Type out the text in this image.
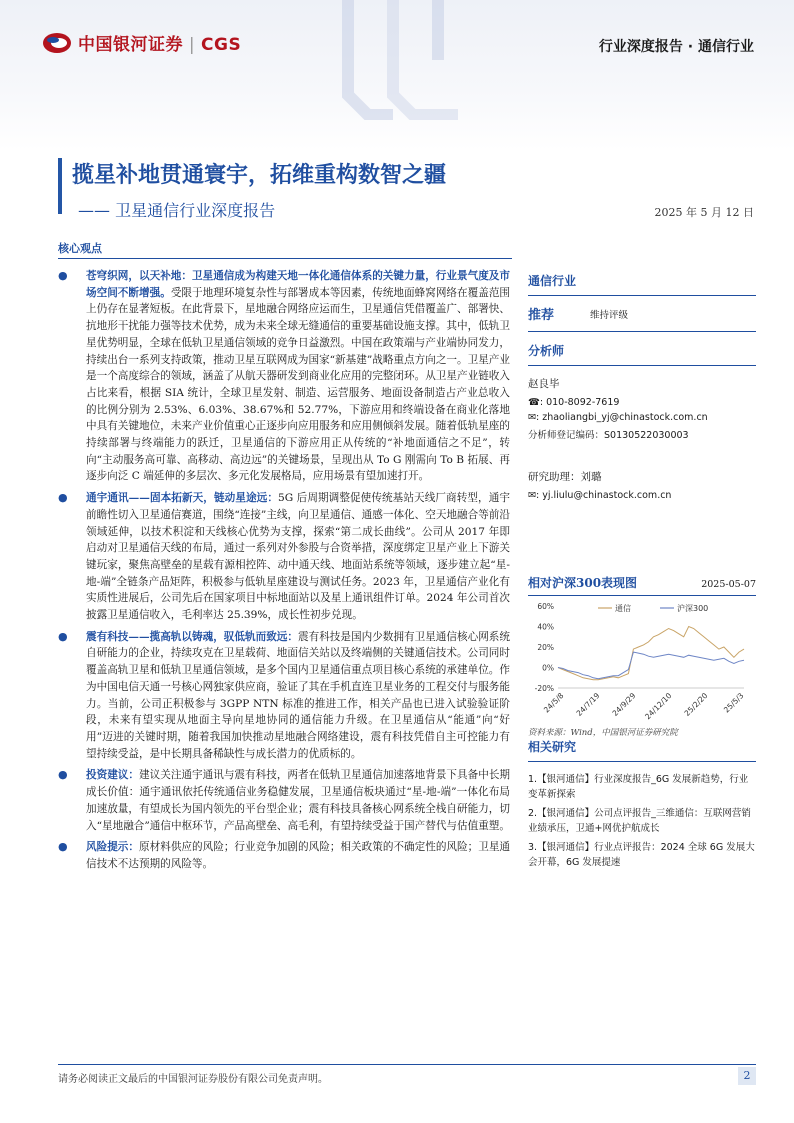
中国银河证券 | CGS	行业深度报告 · 通信行业
揽星补地贯通寰宇，拓维重构数智之疆
—— 卫星通信行业深度报告	2025 年 5 月 12 日
核心观点

● 苍穹织网，以天补地：卫星通信成为构建天地一体化通信体系的关键力量，行业景气度及市场空间不断增强。受限于地理环境复杂性与部署成本等因素，传统地面蜂窝网络在覆盖范围上仍存在显著短板。在此背景下，星地融合网络应运而生，卫星通信凭借覆盖广、部署快、抗地形干扰能力强等技术优势，成为未来全球无缝通信的重要基础设施支撑。其中，低轨卫星优势明显，全球在低轨卫星通信领域的竞争日益激烈。中国在政策端与产业端协同发力，持续出台一系列支持政策，推动卫星互联网成为国家“新基建”战略重点方向之一。卫星产业是一个高度综合的领域，涵盖了从航天器研发到商业化应用的完整闭环。从卫星产业链收入占比来看，根据 SIA 统计，全球卫星发射、制造、运营服务、地面设备制造占产业总收入的比例分别为 2.53%、6.03%、38.67%和 52.77%，下游应用和终端设备在商业化落地中具有关键地位，未来产业价值重心正逐步向应用服务和应用侧倾斜发展。随着低轨星座的持续部署与终端能力的跃迁，卫星通信的下游应用正从传统的“补地面通信之不足”，转向“主动服务高可靠、高移动、高边远”的关键场景，呈现出从 To G 刚需向 To B 拓展、再逐步向泛 C 端延伸的多层次、多元化发展格局，应用场景有望加速打开。

● 通宇通讯——固本拓新天，链动星途远：5G 后周期调整促使传统基站天线厂商转型，通宇前瞻性切入卫星通信赛道，围绕“连接”主线，向卫星通信、通感一体化、空天地融合等前沿领域延伸，以技术积淀和天线核心优势为支撑，探索“第二成长曲线”。公司从 2017 年即启动对卫星通信天线的布局，通过一系列对外参股与合资举措，深度绑定卫星产业上下游关键玩家，聚焦高壁垒的星载有源相控阵、动中通天线、地面站系统等领域，逐步建立起“星-地-端”全链条产品矩阵，积极参与低轨星座建设与测试任务。2023 年，卫星通信产业化有实质性进展后，公司先后在国家项目中标地面站以及星上通讯组件订单。2024 年公司首次披露卫星通信收入，毛利率达 25.39%，成长性初步兑现。

● 震有科技——揽高轨以铸魂，驭低轨而致远：震有科技是国内少数拥有卫星通信核心网系统自研能力的企业，持续攻克在卫星载荷、地面信关站以及终端侧的关键通信技术。公司同时覆盖高轨卫星和低轨卫星通信领域，是多个国内卫星通信重点项目核心系统的承建单位。作为中国电信天通一号核心网独家供应商，验证了其在手机直连卫星业务的工程交付与服务能力。当前，公司正积极参与 3GPP NTN 标准的推进工作，相关产品也已进入试验验证阶段，未来有望实现从地面主导向星地协同的通信能力升级。在卫星通信从“能通”向“好用”迈进的关键时期，随着我国加快推动星地融合网络建设，震有科技凭借自主可控能力有望持续受益，是中长期具备稀缺性与成长潜力的优质标的。

● 投资建议：建议关注通宇通讯与震有科技，两者在低轨卫星通信加速落地背景下具备中长期成长价值：通宇通讯依托传统通信业务稳健发展，卫星通信板块通过“星-地-端”一体化布局加速放量，有望成长为国内领先的平台型企业；震有科技具备核心网系统全栈自研能力，切入“星地融合”通信中枢环节，产品高壁垒、高毛利，有望持续受益于国产替代与估值重塑。

● 风险提示：原材料供应的风险；行业竞争加剧的风险；相关政策的不确定性的风险；卫星通信技术不达预期的风险等。

通信行业
推荐	维持评级
分析师
赵良毕
☎: 010-8092-7619
✉: zhaoliangbi_yj@chinastock.com.cn
分析师登记编码：S0130522030003
研究助理：刘璐
✉: yj.liulu@chinastock.com.cn
相对沪深300表现图	2025-05-07
60%
40%
20%
0%
-20%
24/5/8 24/7/19 24/9/29 24/12/10 25/2/20 25/5/3
通信	沪深300
资料来源：Wind，中国银河证券研究院
相关研究

1.【银河通信】行业深度报告_6G 发展新趋势，行业变革新探索

2.【银河通信】公司点评报告_三维通信：互联网营销业绩承压，卫通+网优护航成长

3.【银河通信】行业点评报告：2024 全球 6G 发展大会开幕，6G 发展提速

请务必阅读正文最后的中国银河证券股份有限公司免责声明。	2
